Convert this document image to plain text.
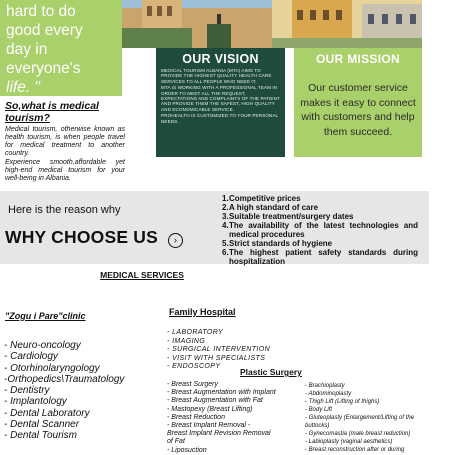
hard to do
good every
day in
everyone's
life. "
So,what is medical
tourism?

Medical tourism, otherwise known as health tourism, is when people travel for medical treatment to another country.

Experience smooth,affordable yet high-end medical tourism for your well-being in Albania.

OUR VISION

MEDICAL TOURISM ALBANIA (MTA) AIMS TO PROVIDE THE HIGHEST QUALITY HEALTH CARE SERVICES TO ALL PEOPLE WHO NEED IT.

MTA IS WORKING WITH A PROFESSIONAL TEAM IN ORDER TO MEET ALL THE REQUEST, EXPECTATIONS AND COMPLAINTS OF THE PATIENT AND PROVIDE THEM THE SAFEST, HIGH QUALITY AND ECONOMICABLE SERVICE.

PROHEALTH IS CUSTOMIZED TO YOUR PERSONAL NEEDS.

OUR MISSION
Our customer service makes it easy to connect with customers and help them succeed.
Here is the reason why
WHY CHOOSE US	›
1. Competitive prices
2. A high standard of care
3. Suitable treatment/surgery dates
4. The availability of the latest technologies and medical procedures
5. Strict standards of hygiene
6. The highest patient safety standards during hospitalization
MEDICAL SERVICES
"Zogu i Pare"clinic
- Neuro-oncology
- Cardiology
- Otorhinolaryngology
-Orthopedics\Traumatology
- Dentistry
- Implantology
- Dental Laboratory
- Dental Scanner
- Dental Tourism
Family Hospital
- LABORATORY
- IMAGING
- SURGICAL INTERVENTION
- VISIT WITH SPECIALISTS
- ENDOSCOPY
Plastic Surgery
- Breast Surgery
- Breast Augmentation with Implant
- Breast Augmentation with Fat
- Mastopexy (Breast Lifting)
- Breast Reduction
- Breast Implant Removal -
Breast Implant Revision Removal
of Fat
- Liposuction
- Brachioplasty
- Abdominoplasty
- Thigh Lift (Lifting of thighs)
- Body Lift
- Gluteoplasty (Enlargement/Lifting of the
buttocks)
- Gynecomastia (male breast reduction)
- Labioplasty (vaginal aesthetics)
- Breast reconstruction after or during
